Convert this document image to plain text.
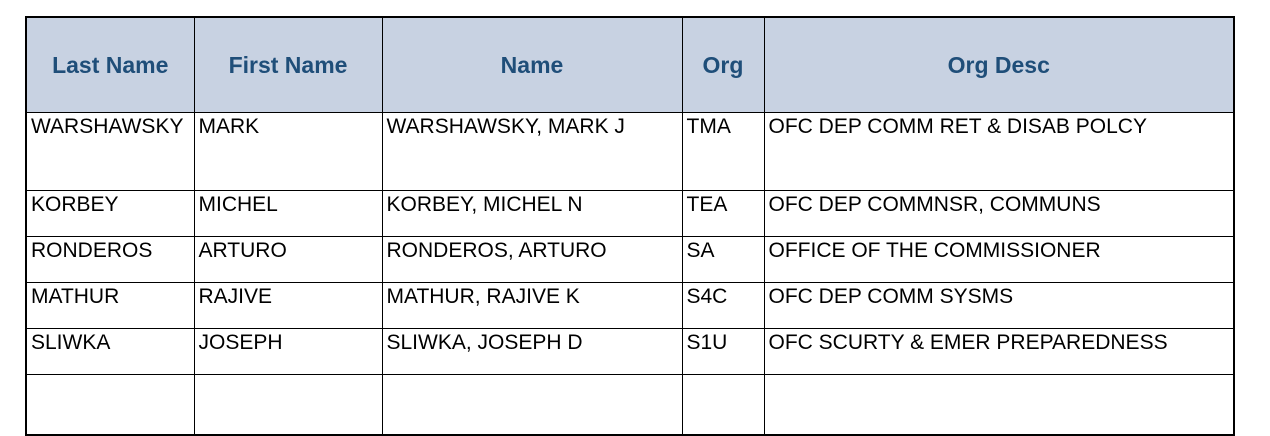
Last Name	First Name	Name	Org	Org Desc
WARSHAWSKY	MARK	WARSHAWSKY, MARK J	TMA	OFC DEP COMM RET & DISAB POLCY
KORBEY	MICHEL	KORBEY, MICHEL N	TEA	OFC DEP COMMNSR, COMMUNS
RONDEROS	ARTURO	RONDEROS, ARTURO	SA	OFFICE OF THE COMMISSIONER
MATHUR	RAJIVE	MATHUR, RAJIVE K	S4C	OFC DEP COMM SYSMS
SLIWKA	JOSEPH	SLIWKA, JOSEPH D	S1U	OFC SCURTY & EMER PREPAREDNESS
